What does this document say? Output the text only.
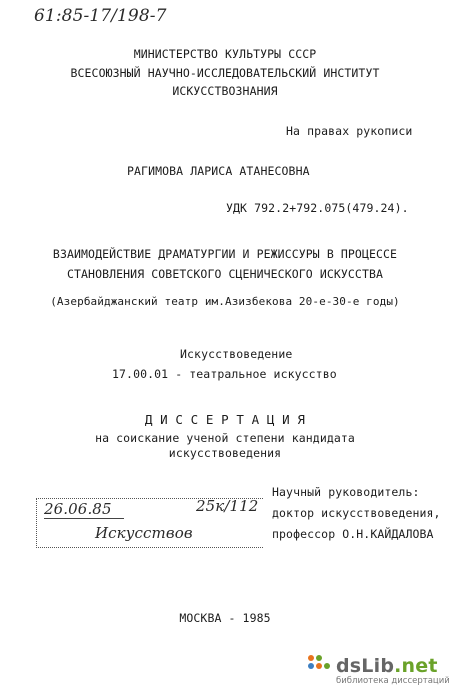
61:85-17/198-7
МИНИСТЕРСТВО КУЛЬТУРЫ СССР
ВСЕСОЮЗНЫЙ НАУЧНО-ИССЛЕДОВАТЕЛЬСКИЙ ИНСТИТУТ
ИСКУССТВОЗНАНИЯ
На правах рукописи
РАГИМОВА ЛАРИСА АТАНЕСОВНА
УДК 792.2+792.075(479.24).
ВЗАИМОДЕЙСТВИЕ ДРАМАТУРГИИ И РЕЖИССУРЫ В ПРОЦЕССЕ
СТАНОВЛЕНИЯ СОВЕТСКОГО СЦЕНИЧЕСКОГО ИСКУССТВА
(Азербайджанский театр им.Азизбекова 20-е-30-е годы)
Искусствоведение
17.00.01 - театральное искусство
Д И С С Е Р Т А Ц И Я
на соискание ученой степени кандидата
искусствоведения
26.06.85	25к/112
Искусствов
Научный руководитель:
доктор искусствоведения,
профессор О.Н.КАЙДАЛОВА
МОСКВА - 1985
dsLib.net
библиотека диссертаций
